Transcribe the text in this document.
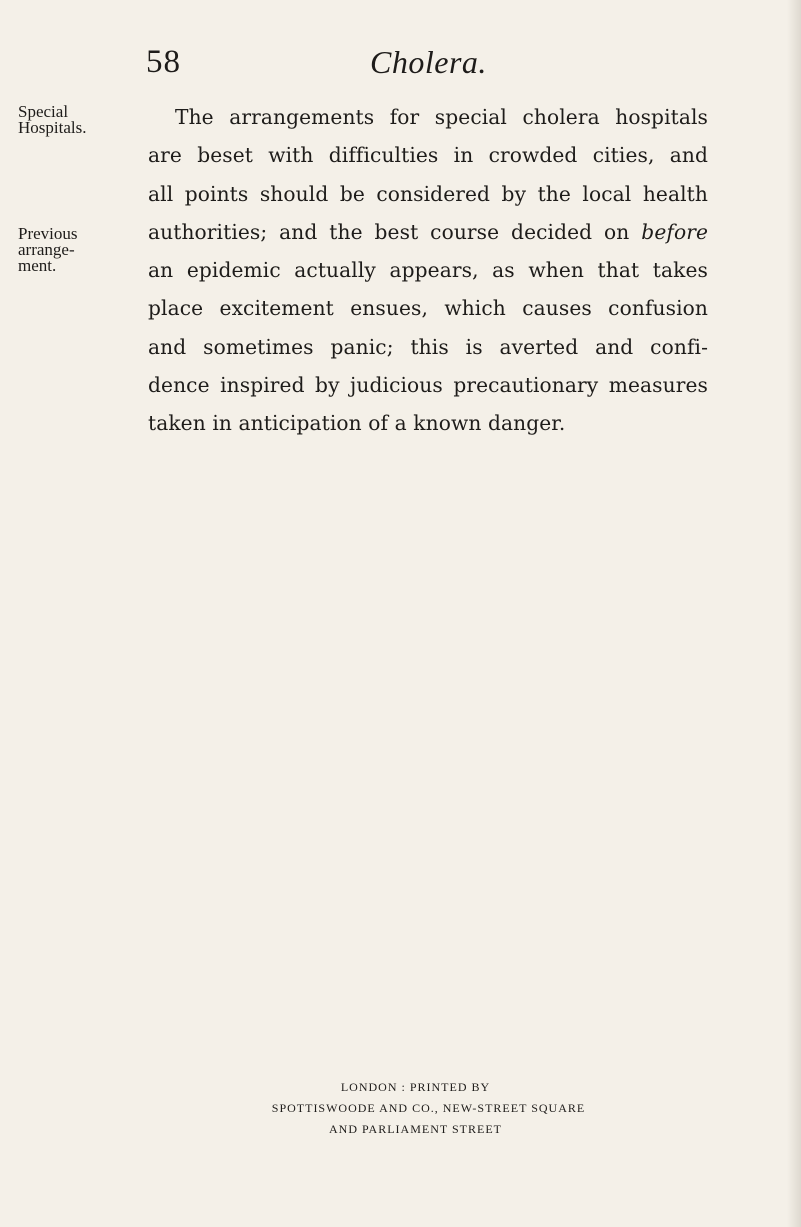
58	Cholera.
Special
Hospitals.
Previous
arrange-
ment.
The arrangements for special cholera hospitals
are beset with difficulties in crowded cities, and
all points should be considered by the local health
authorities; and the best course decided on before
an epidemic actually appears, as when that takes
place excitement ensues, which causes confusion
and sometimes panic; this is averted and confi-
dence inspired by judicious precautionary measures
taken in anticipation of a known danger.
LONDON : PRINTED BY
SPOTTISWOODE AND CO., NEW-STREET SQUARE
AND PARLIAMENT STREET
